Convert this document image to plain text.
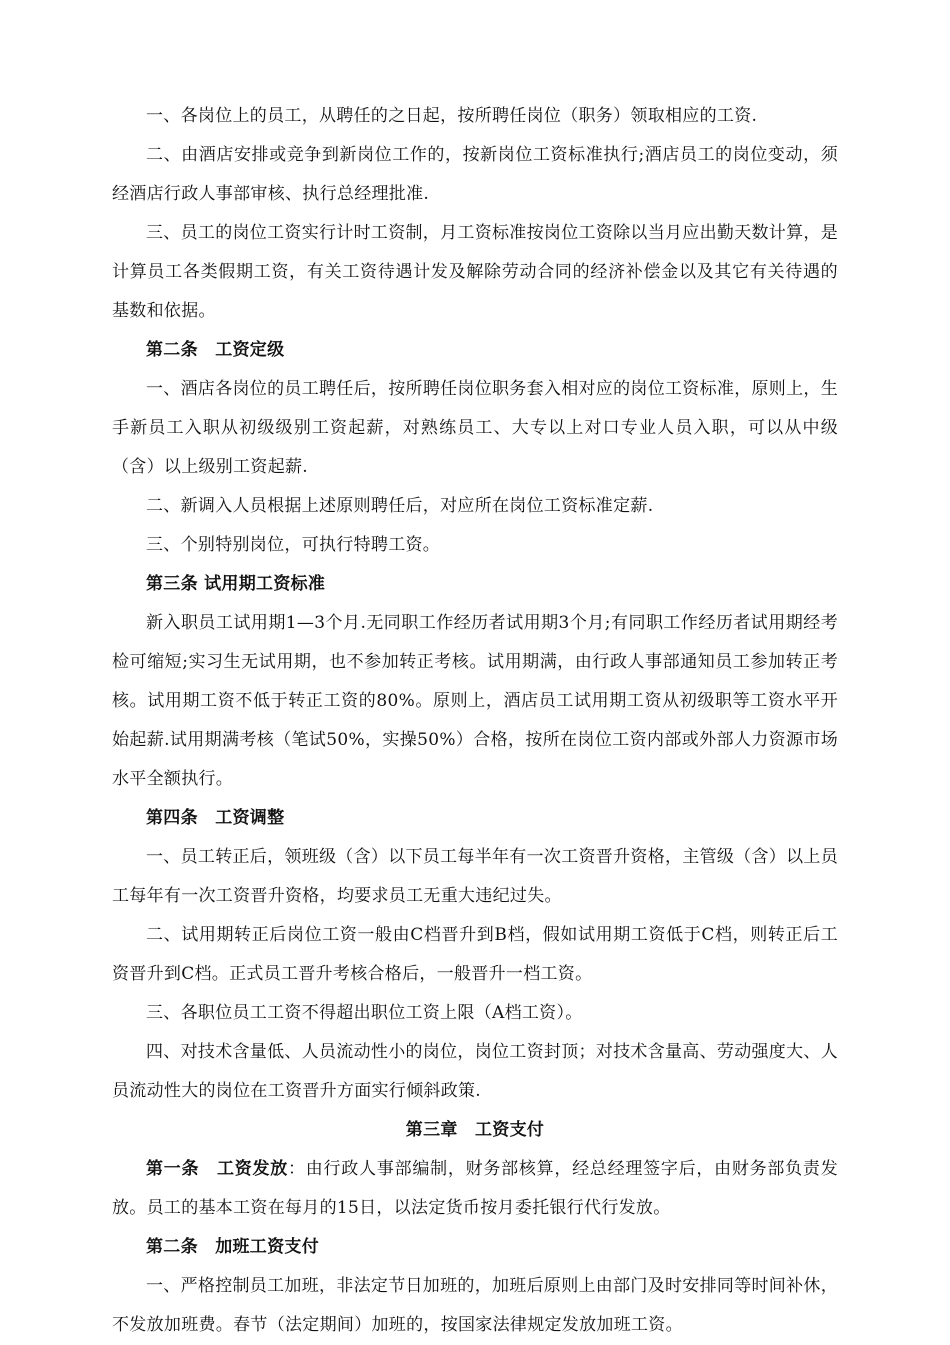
一、各岗位上的员工，从聘任的之日起，按所聘任岗位（职务）领取相应的工资.

二、由酒店安排或竞争到新岗位工作的，按新岗位工资标准执行;酒店员工的岗位变动，须经酒店行政人事部审核、执行总经理批准.

三、员工的岗位工资实行计时工资制，月工资标准按岗位工资除以当月应出勤天数计算，是计算员工各类假期工资，有关工资待遇计发及解除劳动合同的经济补偿金以及其它有关待遇的基数和依据。

第二条　工资定级

一、酒店各岗位的员工聘任后，按所聘任岗位职务套入相对应的岗位工资标准，原则上，生手新员工入职从初级级别工资起薪，对熟练员工、大专以上对口专业人员入职，可以从中级（含）以上级别工资起薪.

二、新调入人员根据上述原则聘任后，对应所在岗位工资标准定薪.

三、个别特别岗位，可执行特聘工资。

第三条 试用期工资标准

新入职员工试用期1—3个月.无同职工作经历者试用期3个月;有同职工作经历者试用期经考检可缩短;实习生无试用期，也不参加转正考核。试用期满，由行政人事部通知员工参加转正考核。试用期工资不低于转正工资的80%。原则上，酒店员工试用期工资从初级职等工资水平开始起薪.试用期满考核（笔试50%，实操50%）合格，按所在岗位工资内部或外部人力资源市场水平全额执行。

第四条　工资调整

一、员工转正后，领班级（含）以下员工每半年有一次工资晋升资格，主管级（含）以上员工每年有一次工资晋升资格，均要求员工无重大违纪过失。

二、试用期转正后岗位工资一般由C档晋升到B档，假如试用期工资低于C档，则转正后工资晋升到C档。正式员工晋升考核合格后，一般晋升一档工资。

三、各职位员工工资不得超出职位工资上限（A档工资）。

四、对技术含量低、人员流动性小的岗位，岗位工资封顶；对技术含量高、劳动强度大、人员流动性大的岗位在工资晋升方面实行倾斜政策.

第三章　工资支付

第一条　工资发放：由行政人事部编制，财务部核算，经总经理签字后，由财务部负责发放。员工的基本工资在每月的15日，以法定货币按月委托银行代行发放。

第二条　加班工资支付

一、严格控制员工加班，非法定节日加班的，加班后原则上由部门及时安排同等时间补休，不发放加班费。春节（法定期间）加班的，按国家法律规定发放加班工资。
